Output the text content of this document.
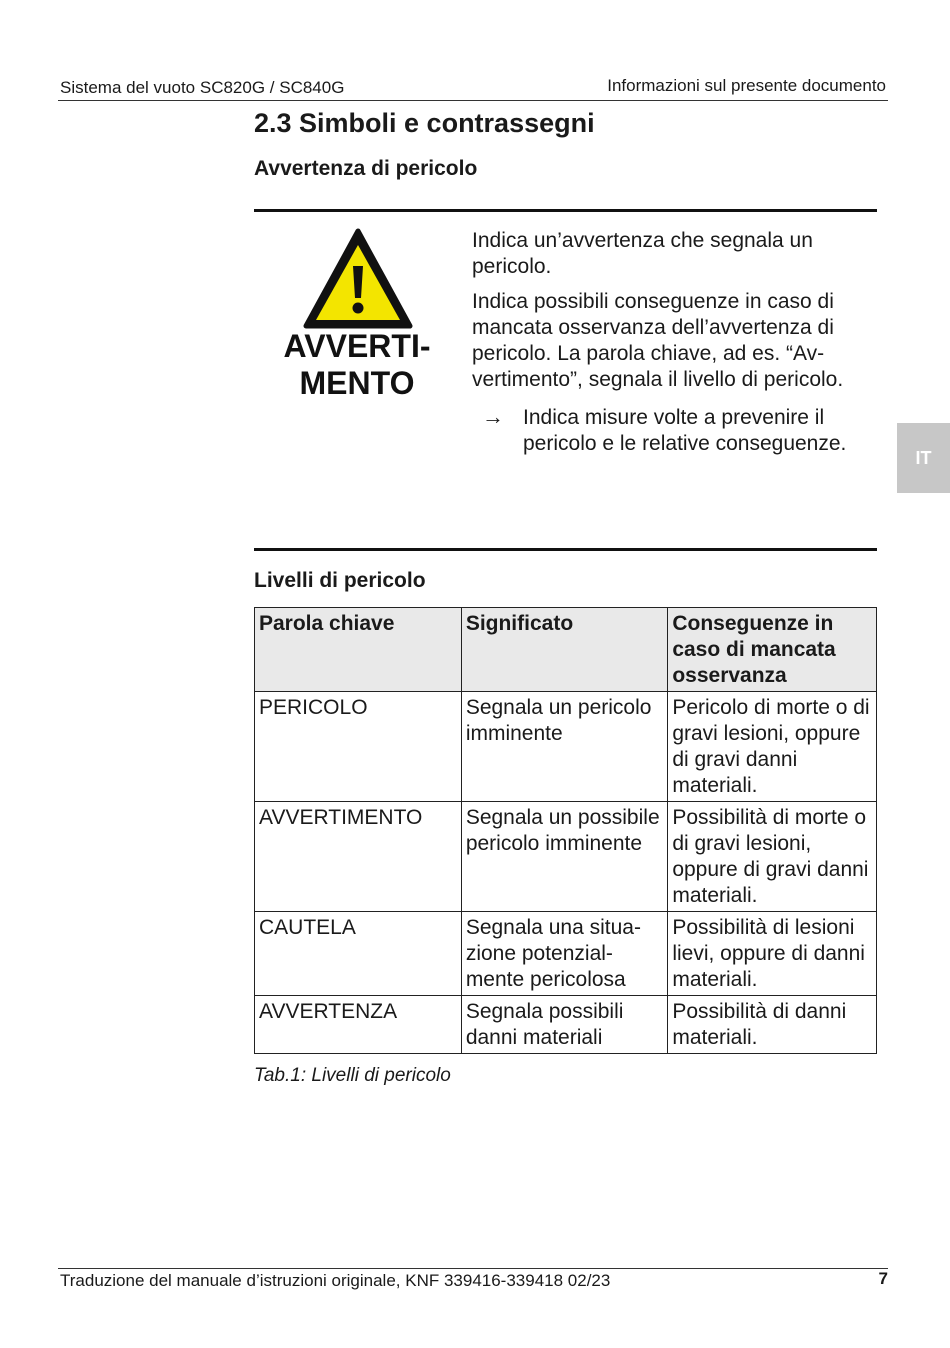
Sistema del vuoto SC820G / SC840G	Informazioni sul presente documento
2.3 Simboli e contrassegni
Avvertenza di pericolo
AVVERTI-
MENTO

Indica un’avvertenza che segnala un pericolo.

Indica possibili conseguenze in caso di mancata osservanza dell’avvertenza di pericolo. La parola chiave, ad es. “Avvertimento”, segnala il livello di pericolo.

→ Indica misure volte a prevenire il pericolo e le relative conseguenze.
Livelli di pericolo
Parola chiave	Significato	Conseguenze in caso di mancata osservanza
PERICOLO	Segnala un pericolo imminente	Pericolo di morte o di gravi lesioni, oppure di gravi danni materiali.
AVVERTIMENTO	Segnala un possibile pericolo imminente	Possibilità di morte o di gravi lesioni, oppure di gravi danni materiali.
CAUTELA	Segnala una situazione potenzialmente pericolosa	Possibilità di lesioni lievi, oppure di danni materiali.
AVVERTENZA	Segnala possibili danni materiali	Possibilità di danni materiali.
Tab.1: Livelli di pericolo
IT
Traduzione del manuale d’istruzioni originale, KNF 339416-339418 02/23	7
